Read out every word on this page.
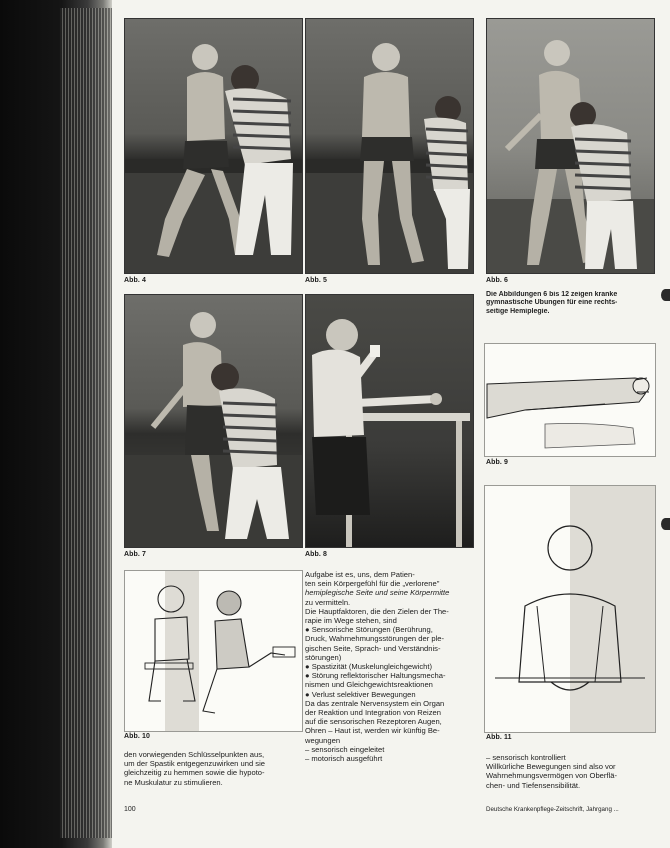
Abb. 4	Abb. 5	Abb. 6
Die Abbildungen 6 bis 12 zeigen kranke
gymnastische Übungen für eine rechts-
seitige Hemiplegie.
Abb. 7	Abb. 8
Abb. 9
Abb. 11
Abb. 10
Aufgabe ist es, uns, dem Patien-
ten sein Körpergefühl für die „verlorene"
hemiplegische Seite und seine Körpermitte
zu vermitteln.
Die Hauptfaktoren, die den Zielen der The-
rapie im Wege stehen, sind
● Sensorische Störungen (Berührung,
Druck, Wahrnehmungsstörungen der ple-
gischen Seite, Sprach- und Verständnis-
störungen)
● Spastizität (Muskelungleichgewicht)
● Störung reflektorischer Haltungsmecha-
nismen und Gleichgewichtsreaktionen
● Verlust selektiver Bewegungen
Da das zentrale Nervensystem ein Organ
der Reaktion und Integration von Reizen
auf die sensorischen Rezeptoren Augen,
Ohren – Haut ist, werden wir künftig Be-
wegungen
– sensorisch eingeleitet
– motorisch ausgeführt
den vorwiegenden Schlüsselpunkten aus,
um der Spastik entgegenzuwirken und sie
gleichzeitig zu hemmen sowie die hypoto-
ne Muskulatur zu stimulieren.
– sensorisch kontrolliert
Willkürliche Bewegungen sind also vor
Wahrnehmungsvermögen von Oberflä-
chen- und Tiefensensibilität.
100	Deutsche Krankenpflege-Zeitschrift, Jahrgang ...
